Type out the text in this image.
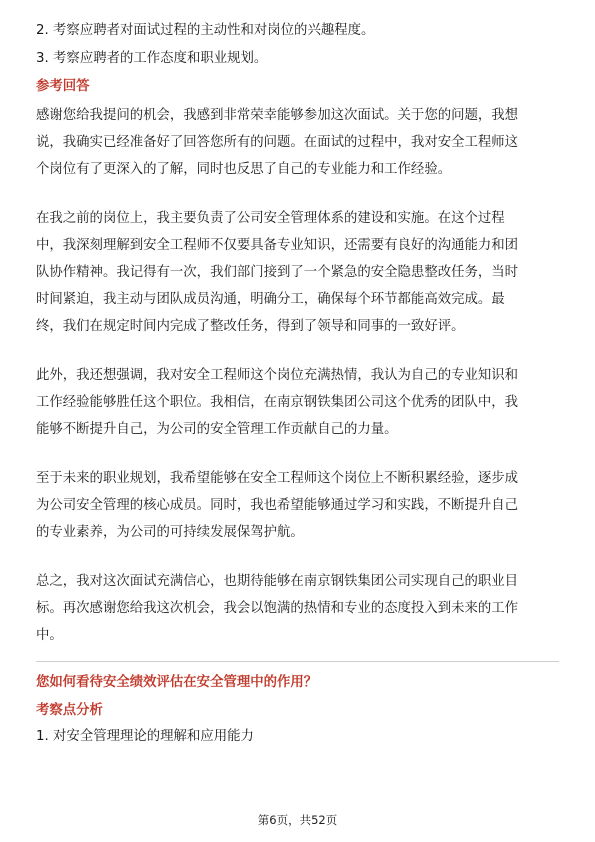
2. 考察应聘者对面试过程的主动性和对岗位的兴趣程度。

3. 考察应聘者的工作态度和职业规划。

参考回答

感谢您给我提问的机会，我感到非常荣幸能够参加这次面试。关于您的问题，我想

说，我确实已经准备好了回答您所有的问题。在面试的过程中，我对安全工程师这

个岗位有了更深入的了解，同时也反思了自己的专业能力和工作经验。

在我之前的岗位上，我主要负责了公司安全管理体系的建设和实施。在这个过程

中，我深刻理解到安全工程师不仅要具备专业知识，还需要有良好的沟通能力和团

队协作精神。我记得有一次，我们部门接到了一个紧急的安全隐患整改任务，当时

时间紧迫，我主动与团队成员沟通，明确分工，确保每个环节都能高效完成。最

终，我们在规定时间内完成了整改任务，得到了领导和同事的一致好评。

此外，我还想强调，我对安全工程师这个岗位充满热情，我认为自己的专业知识和

工作经验能够胜任这个职位。我相信，在南京钢铁集团公司这个优秀的团队中，我

能够不断提升自己，为公司的安全管理工作贡献自己的力量。

至于未来的职业规划，我希望能够在安全工程师这个岗位上不断积累经验，逐步成

为公司安全管理的核心成员。同时，我也希望能够通过学习和实践，不断提升自己

的专业素养，为公司的可持续发展保驾护航。

总之，我对这次面试充满信心，也期待能够在南京钢铁集团公司实现自己的职业目

标。再次感谢您给我这次机会，我会以饱满的热情和专业的态度投入到未来的工作

中。

您如何看待安全绩效评估在安全管理中的作用？
考察点分析

1. 对安全管理理论的理解和应用能力

第6页，共52页
